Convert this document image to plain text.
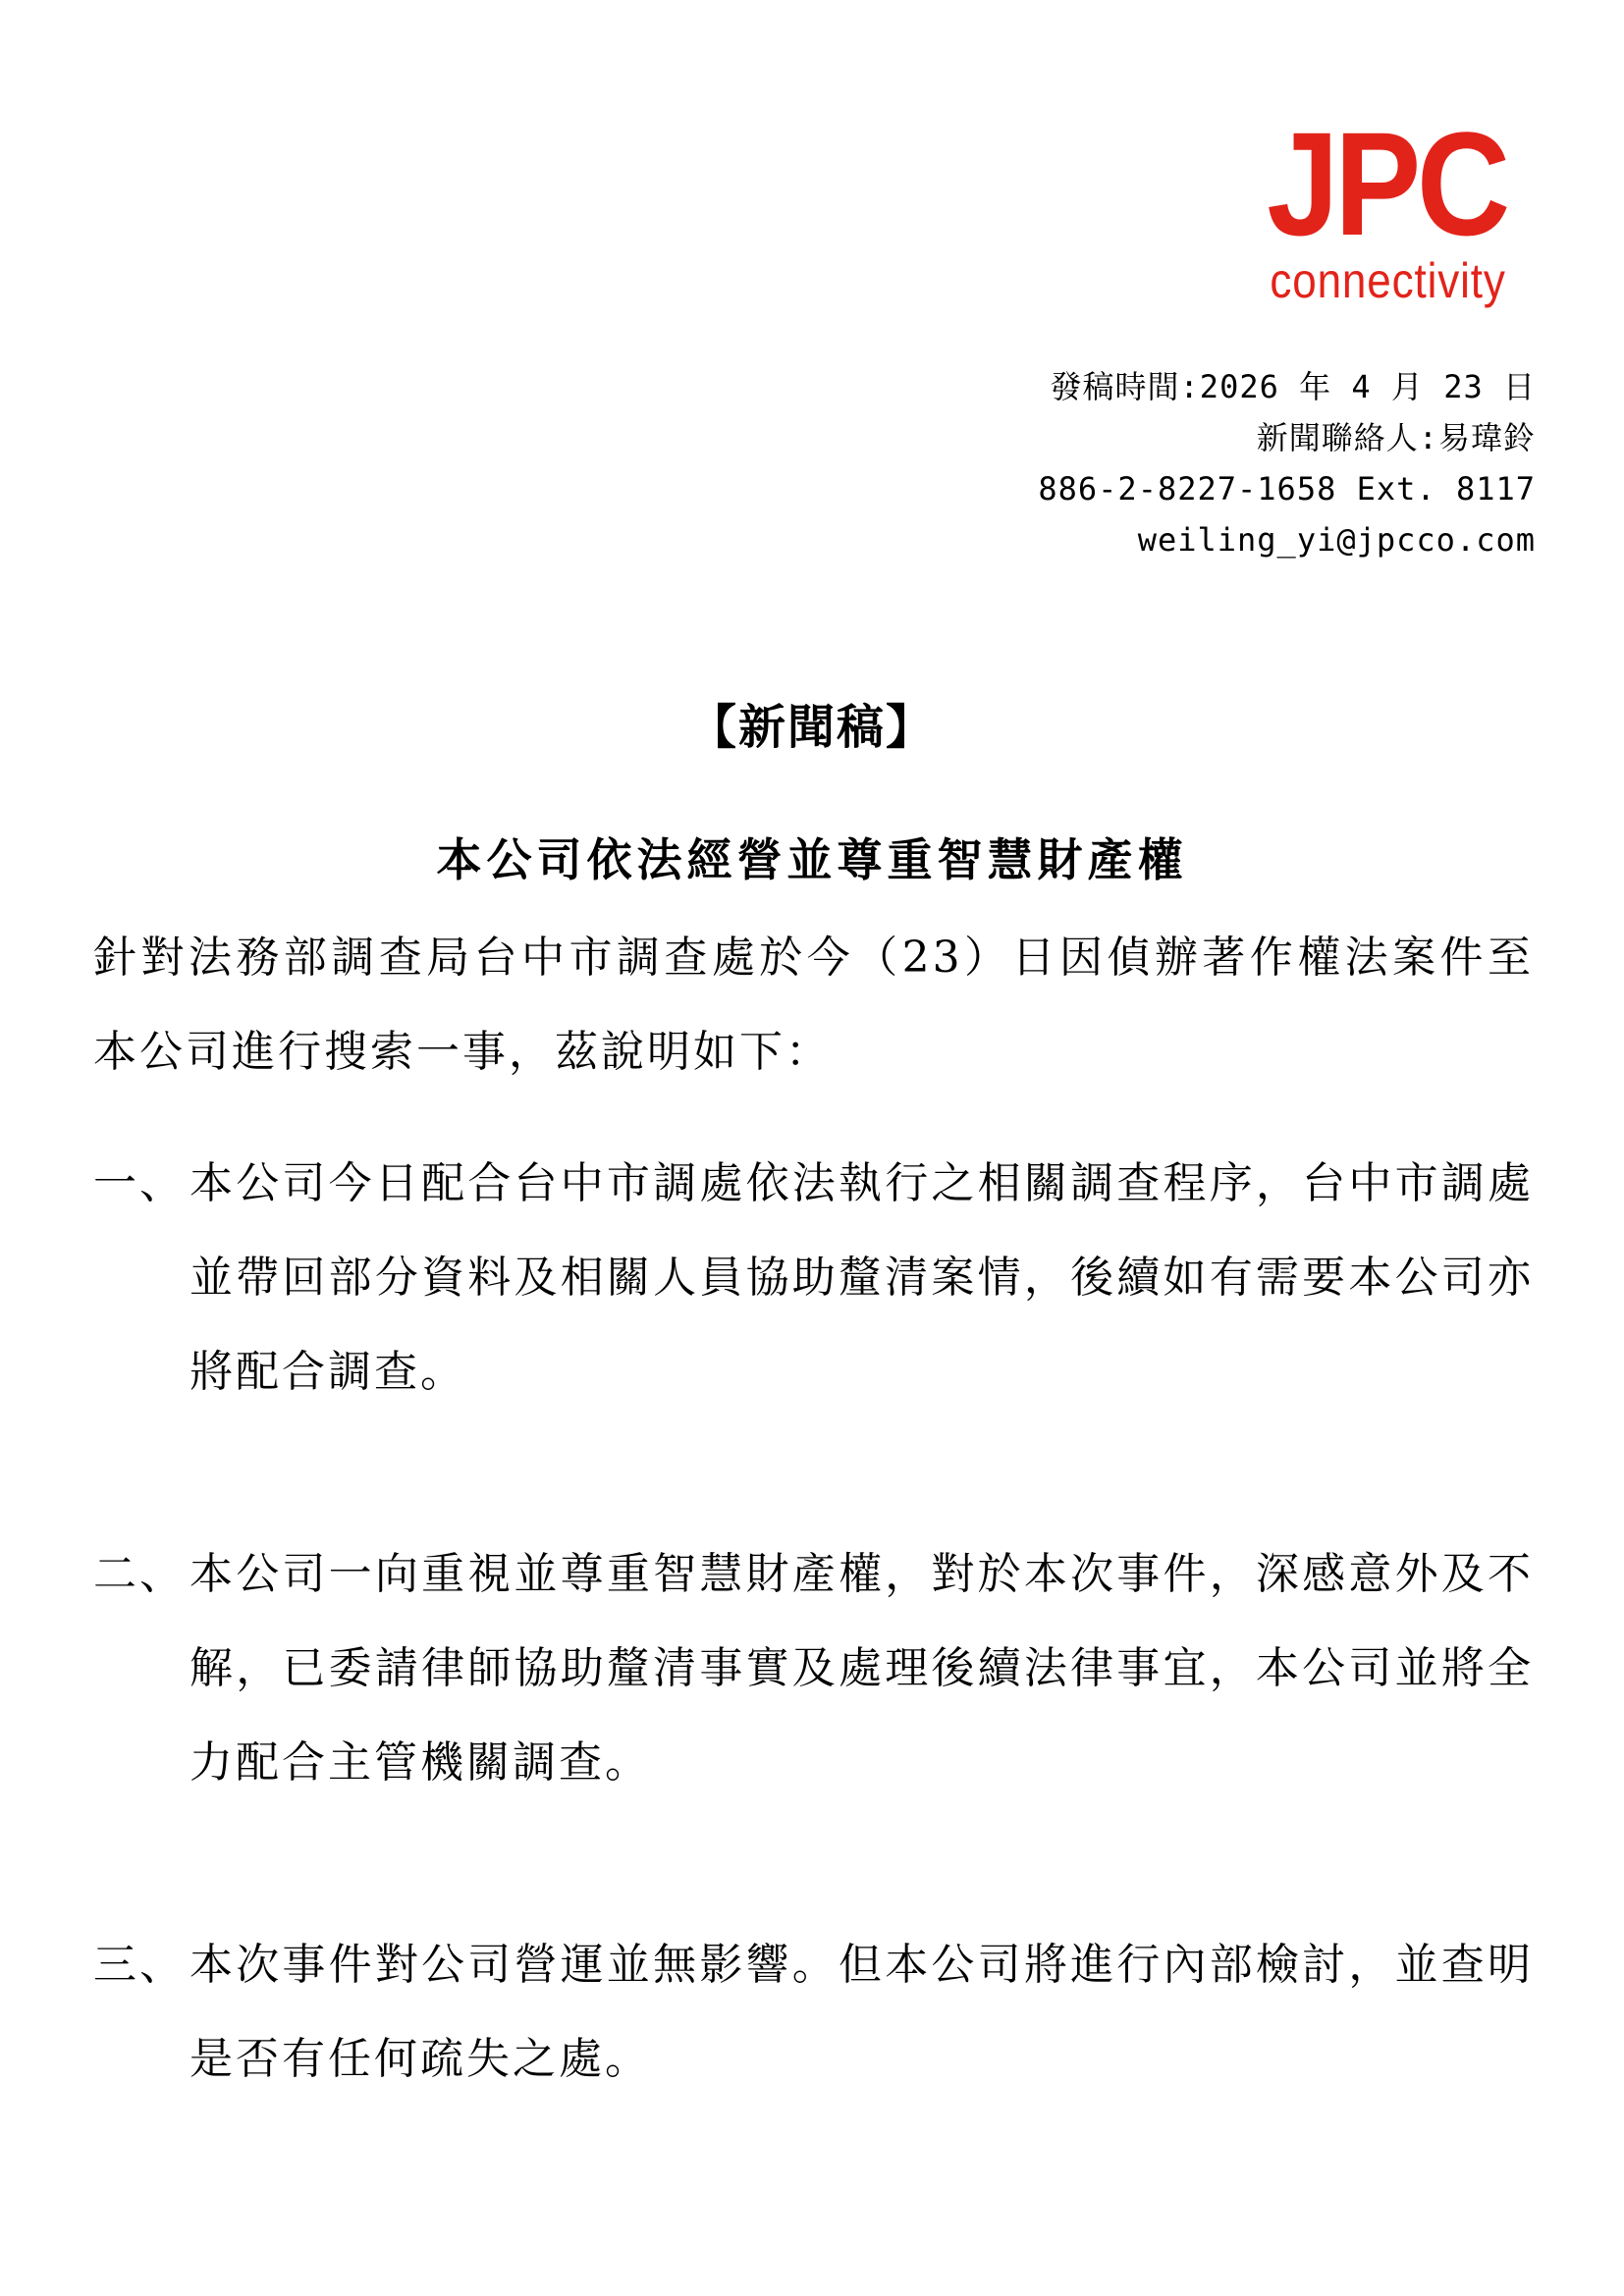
JPC
connectivity
發稿時間:2026 年 4 月 23 日
新聞聯絡人:易瑋鈴
886-2-8227-1658 Ext. 8117
weiling_yi@jpcco.com
【新聞稿】
本公司依法經營並尊重智慧財產權

針對法務部調查局台中市調查處於今（23）日因偵辦著作權法案件至本公司進行搜索一事，茲說明如下：

一、 本公司今日配合台中市調處依法執行之相關調查程序，台中市調處並帶回部分資料及相關人員協助釐清案情，後續如有需要本公司亦將配合調查。
二、 本公司一向重視並尊重智慧財產權，對於本次事件，深感意外及不解，已委請律師協助釐清事實及處理後續法律事宜，本公司並將全力配合主管機關調查。
三、 本次事件對公司營運並無影響。但本公司將進行內部檢討，並查明是否有任何疏失之處。
